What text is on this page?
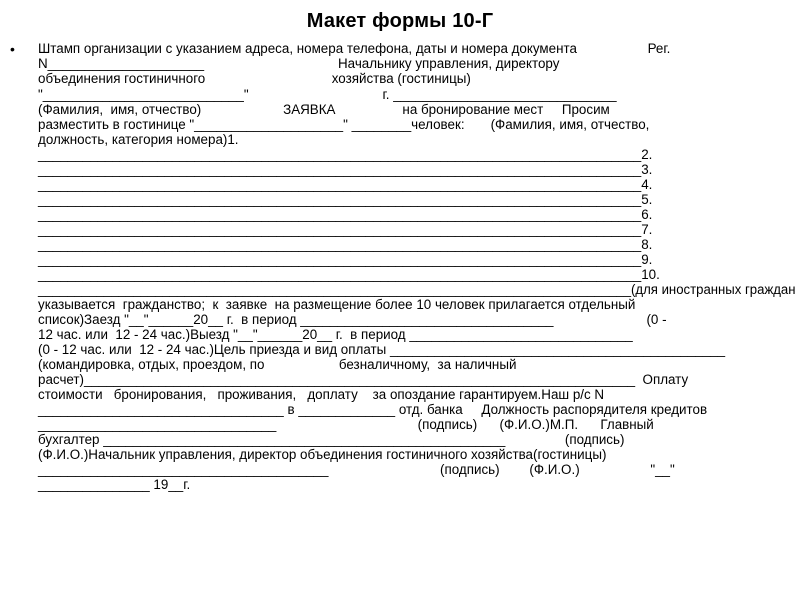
Макет формы 10-Г
• Штамп организации с указанием адреса, номера телефона, даты и номера документа                   Рег.
N_____________________                                    Начальнику управления, директору
объединения гостиничного                                  хозяйства (гостиницы)
"___________________________"                                    г. ______________________________
(Фамилия,  имя, отчество)                      ЗАЯВКА                  на бронирование мест     Просим
разместить в гостинице "____________________" ________человек:       (Фамилия, имя, отчество,
должность, категория номера)1.
_________________________________________________________________________________2.
_________________________________________________________________________________3.
_________________________________________________________________________________4.
_________________________________________________________________________________5.
_________________________________________________________________________________6.
_________________________________________________________________________________7.
_________________________________________________________________________________8.
_________________________________________________________________________________9.
_________________________________________________________________________________10.
_________________________________________________________________________________(для иностранных граждан
указывается  гражданство;  к  заявке  на размещение более 10 человек прилагается отдельный
список)Заезд "__"______20__ г.  в период __________________________________                         (0 -
12 час. или  12 - 24 час.)Выезд "__"______20__ г.  в период ______________________________
(0 - 12 час. или  12 - 24 час.)Цель приезда и вид оплаты _____________________________________________
(командировка, отдых, проездом, по                    безналичному,  за наличный
расчет)__________________________________________________________________________  Оплату
стоимости   бронирования,   проживания,   доплату    за опоздание гарантируем.Наш р/с N
_________________________________ в _____________ отд. банка     Должность распорядителя кредитов
________________________________                                      (подпись)      (Ф.И.О.)М.П.      Главный
бухгалтер ______________________________________________________                (подпись)
(Ф.И.О.)Начальник управления, директор объединения гостиничного хозяйства(гостиницы)
_______________________________________                              (подпись)        (Ф.И.О.)                   "__"
_______________ 19__г.
